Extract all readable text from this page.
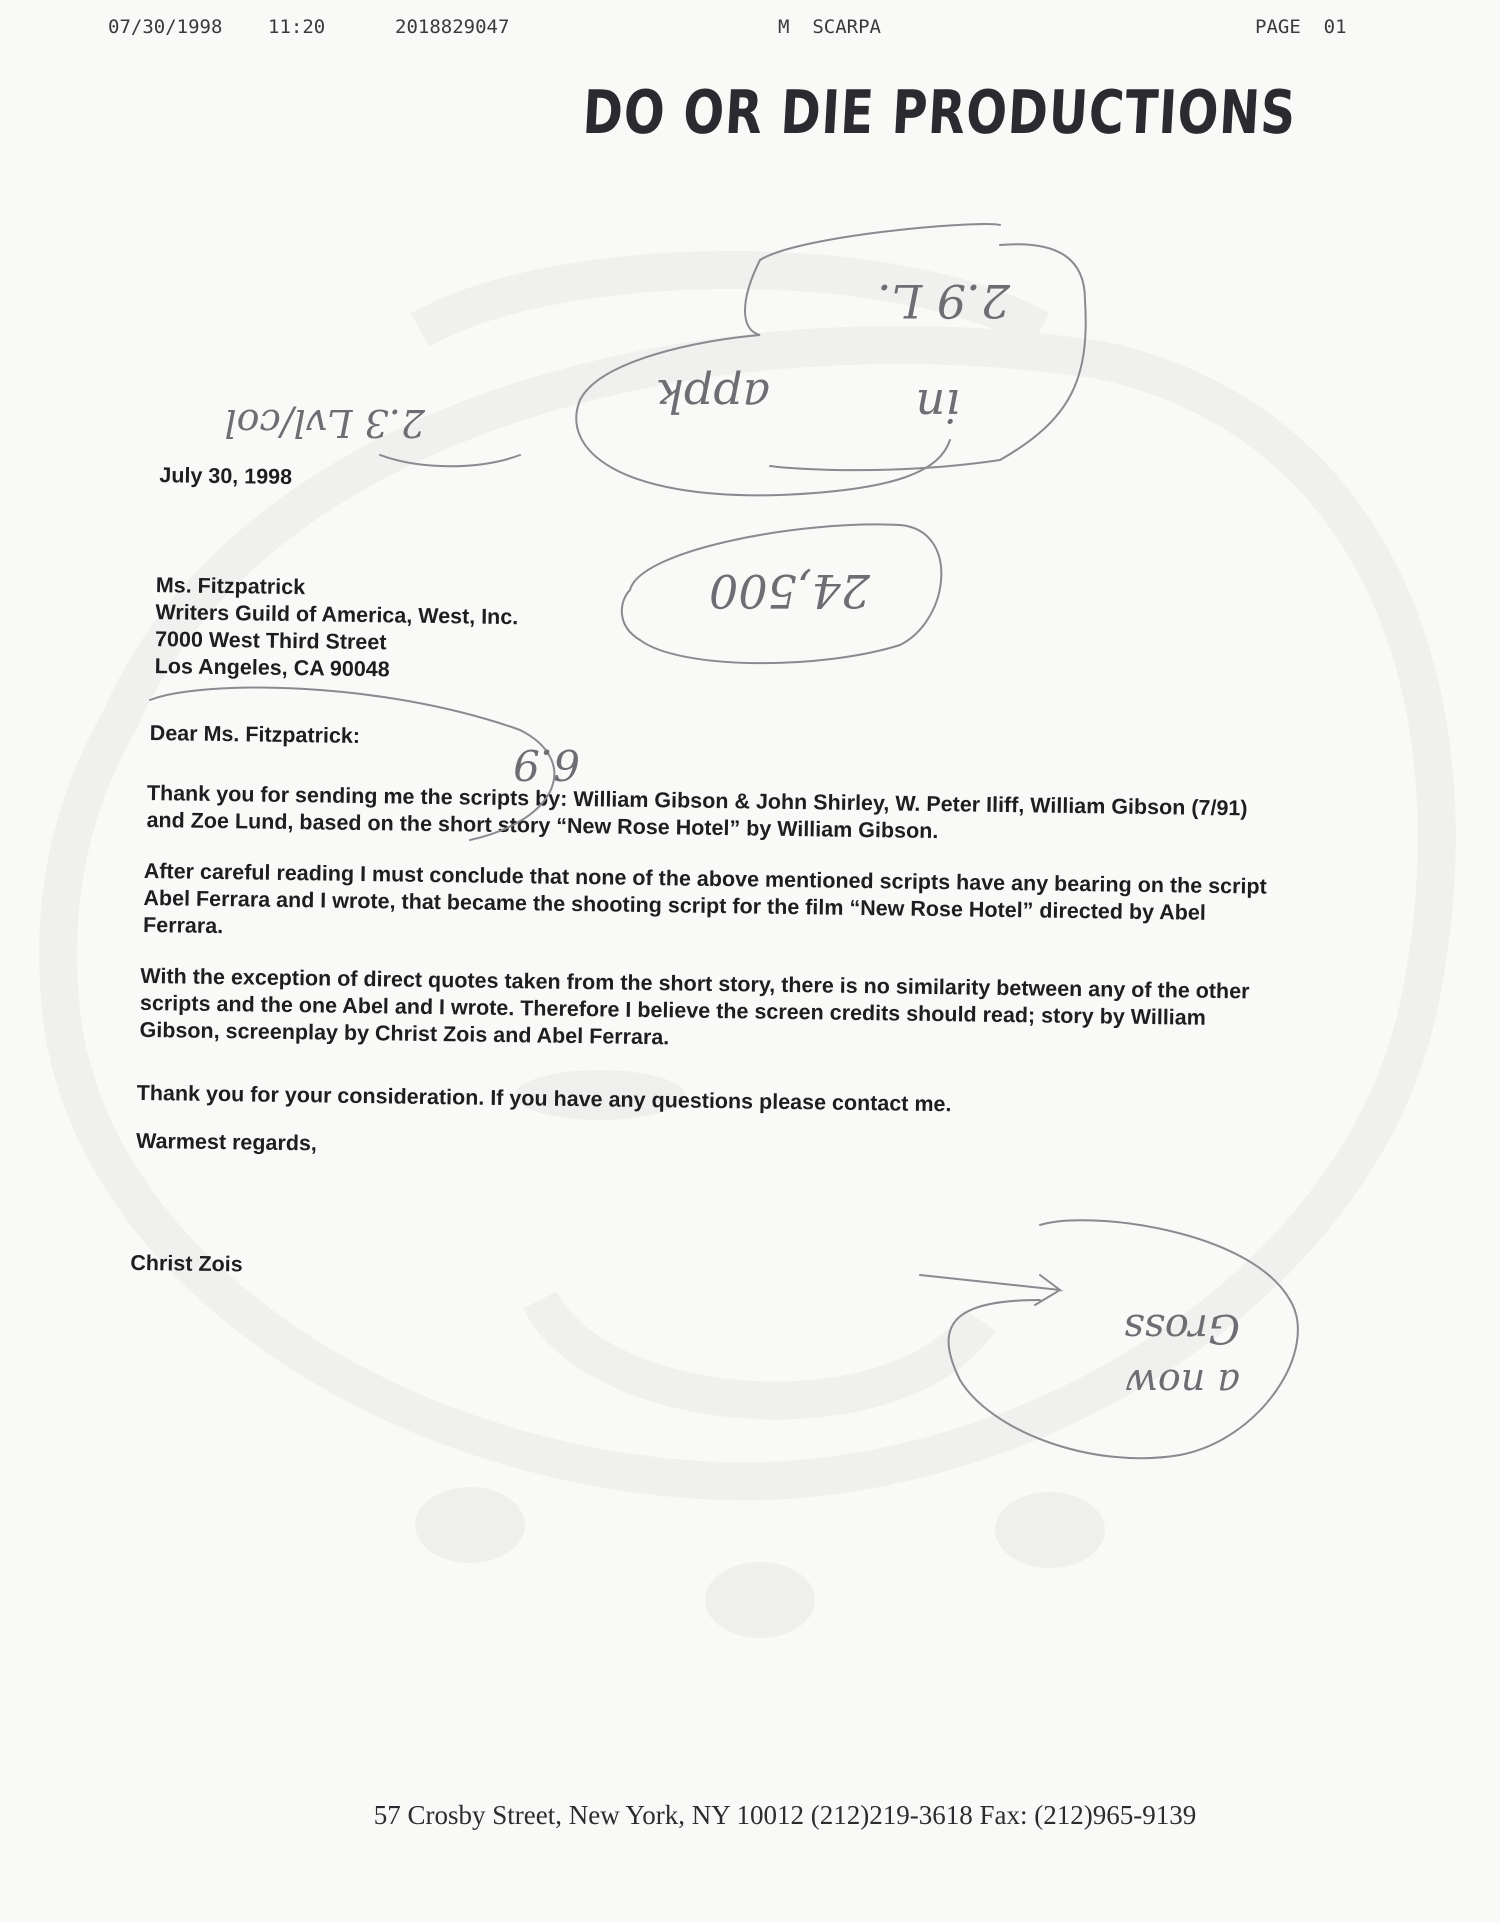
07/30/1998 11:20	2018829047	M  SCARPA	PAGE  01
DO OR DIE PRODUCTIONS
July 30, 1998
Ms. Fitzpatrick
Writers Guild of America, West, Inc.
7000 West Third Street
Los Angeles, CA 90048
Dear Ms. Fitzpatrick:

Thank you for sending me the scripts by: William Gibson & John Shirley, W. Peter Iliff, William Gibson (7/91) and Zoe Lund, based on the short story “New Rose Hotel” by William Gibson.

After careful reading I must conclude that none of the above mentioned scripts have any bearing on the script Abel Ferrara and I wrote, that became the shooting script for the film “New Rose Hotel” directed by Abel Ferrara.

With the exception of direct quotes taken from the short story, there is no similarity between any of the other scripts and the one Abel and I wrote. Therefore I believe the screen credits should read; story by William Gibson, screenplay by Christ Zois and Abel Ferrara.

Thank you for your consideration. If you have any questions please contact me.

Warmest regards,
Christ Zois
2.9 L.
appk	in
24,500
2.3 Lvl/col
6.9
Gross
a now
57 Crosby Street, New York, NY 10012 (212)219-3618 Fax: (212)965-9139
